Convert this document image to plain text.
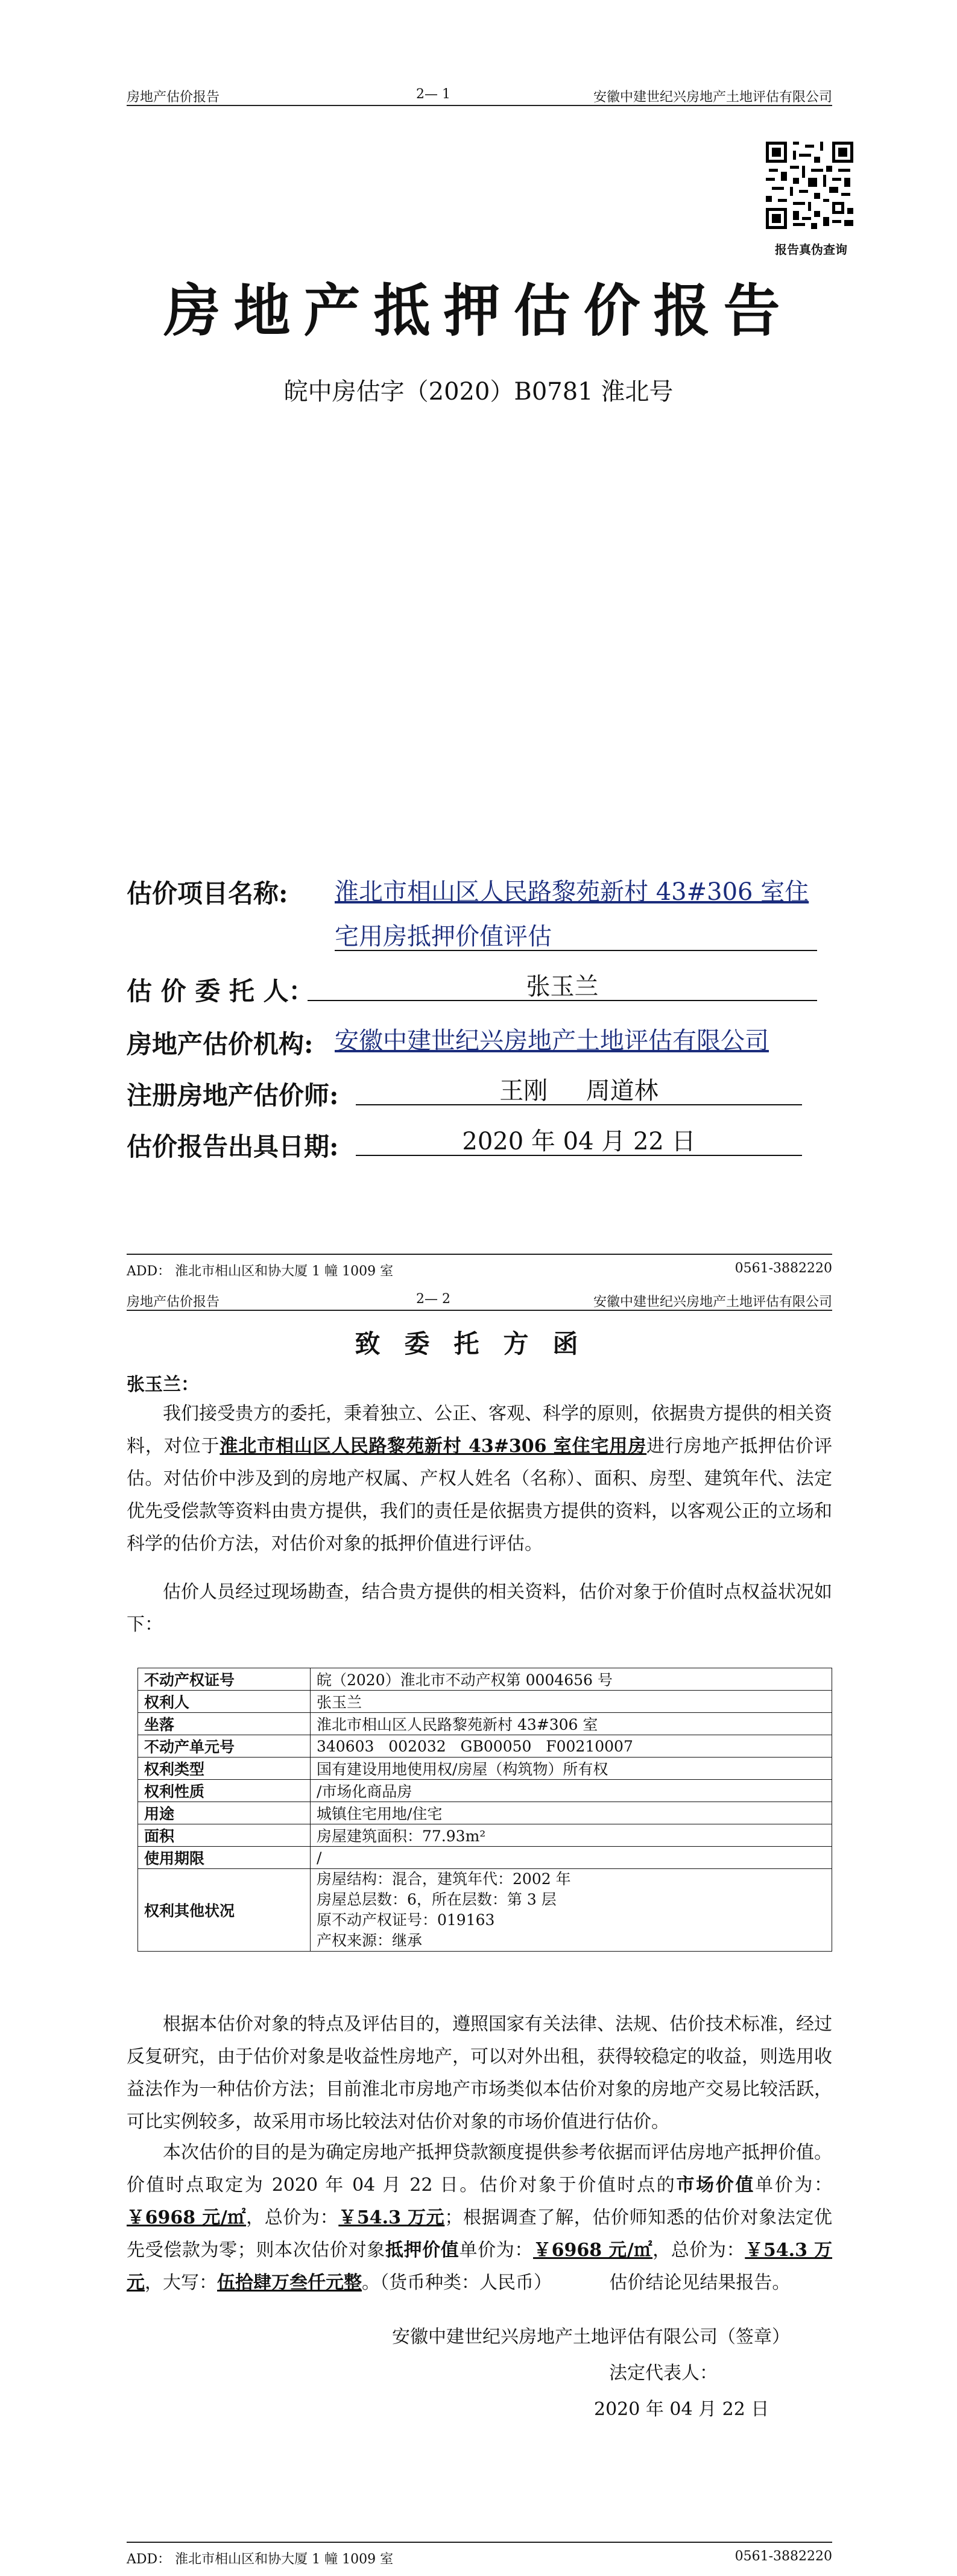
房地产估价报告	2— 1	安徽中建世纪兴房地产土地评估有限公司
报告真伪查询
房地产抵押估价报告
皖中房估字（2020）B0781 淮北号
估价项目名称: 淮北市相山区人民路黎苑新村 43#306 室住
宅用房抵押价值评估
估 价 委 托 人：	张玉兰
房地产估价机构: 安徽中建世纪兴房地产土地评估有限公司
注册房地产估价师:	王刚     周道林
估价报告出具日期:	2020 年 04 月 22 日
ADD： 淮北市相山区和协大厦 1 幢 1009 室	0561-3882220
房地产估价报告	2— 2	安徽中建世纪兴房地产土地评估有限公司
致委托方函
张玉兰：

我们接受贵方的委托，秉着独立、公正、客观、科学的原则，依据贵方提供的相关资料，对位于淮北市相山区人民路黎苑新村 43#306 室住宅用房进行房地产抵押估价评估。对估价中涉及到的房地产权属、产权人姓名（名称）、面积、房型、建筑年代、法定优先受偿款等资料由贵方提供，我们的责任是依据贵方提供的资料，以客观公正的立场和科学的估价方法，对估价对象的抵押价值进行评估。

估价人员经过现场勘查，结合贵方提供的相关资料，估价对象于价值时点权益状况如下：

不动产权证号	皖（2020）淮北市不动产权第 0004656 号
权利人	张玉兰
坐落	淮北市相山区人民路黎苑新村 43#306 室
不动产单元号	340603   002032   GB00050   F00210007
权利类型	国有建设用地使用权/房屋（构筑物）所有权
权利性质	/市场化商品房
用途	城镇住宅用地/住宅
面积	房屋建筑面积：77.93m²
使用期限	/
权利其他状况	房屋结构：混合，建筑年代：2002 年
房屋总层数：6，所在层数：第 3 层
原不动产权证号：019163
产权来源：继承

根据本估价对象的特点及评估目的，遵照国家有关法律、法规、估价技术标准，经过反复研究，由于估价对象是收益性房地产，可以对外出租，获得较稳定的收益，则选用收益法作为一种估价方法；目前淮北市房地产市场类似本估价对象的房地产交易比较活跃，可比实例较多，故采用市场比较法对估价对象的市场价值进行估价。

本次估价的目的是为确定房地产抵押贷款额度提供参考依据而评估房地产抵押价值。价值时点取定为 2020 年 04 月 22 日。估价对象于价值时点的市场价值单价为：￥6968 元/㎡，总价为：￥54.3 万元；根据调查了解，估价师知悉的估价对象法定优先受偿款为零；则本次估价对象抵押价值单价为：￥6968 元/㎡，总价为：￥54.3 万元，大写：伍拾肆万叁仟元整。（货币种类：人民币）          估价结论见结果报告。

安徽中建世纪兴房地产土地评估有限公司（签章）
法定代表人：
2020 年 04 月 22 日
ADD： 淮北市相山区和协大厦 1 幢 1009 室	0561-3882220
